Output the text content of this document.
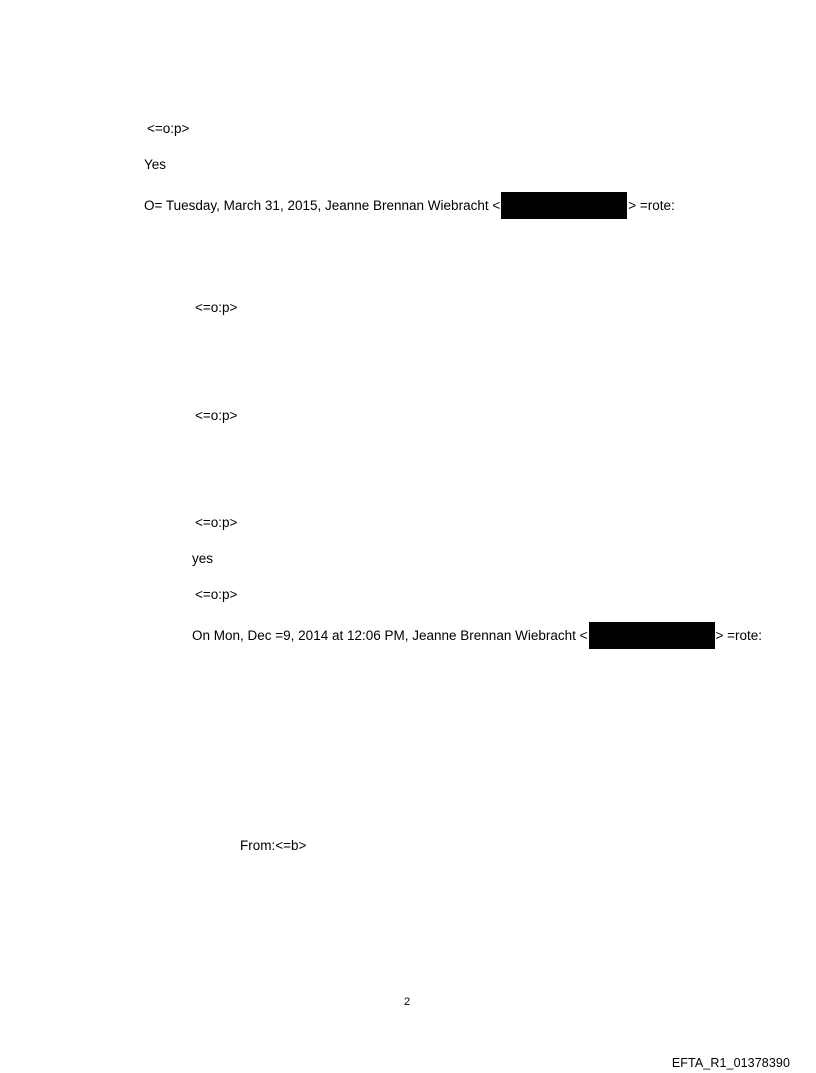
<=o:p>
Yes
O= Tuesday, March 31, 2015, Jeanne Brennan Wiebracht <	> =rote:
<=o:p>
<=o:p>
<=o:p>
yes
<=o:p>
On Mon, Dec =9, 2014 at 12:06 PM, Jeanne Brennan Wiebracht <	> =rote:
From:<=b>
2
EFTA_R1_01378390
